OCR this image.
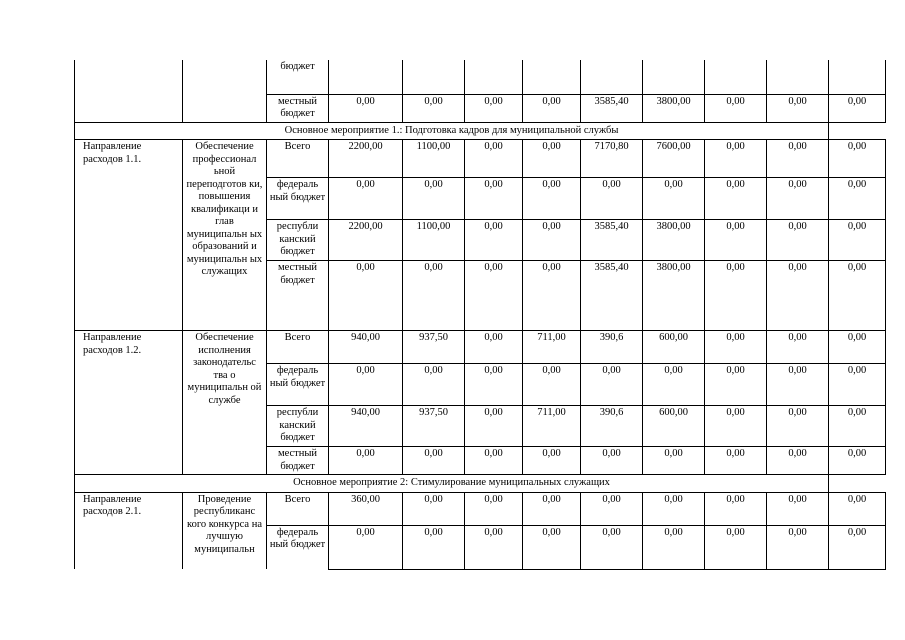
		бюджет									
		местный бюджет	0,00	0,00	0,00	0,00	3585,40	3800,00	0,00	0,00	0,00
Основное мероприятие 1.: Подготовка кадров для муниципальной службы											
Направление расходов 1.1.	Обеспечение профессионал ьной переподготов ки, повышения квалификаци и глав муниципальн ых образований и муниципальн ых служащих	Всего	2200,00	1100,00	0,00	0,00	7170,80	7600,00	0,00	0,00	0,00
		федераль ный бюджет	0,00	0,00	0,00	0,00	0,00	0,00	0,00	0,00	0,00
		республи канский бюджет	2200,00	1100,00	0,00	0,00	3585,40	3800,00	0,00	0,00	0,00
		местный бюджет	0,00	0,00	0,00	0,00	3585,40	3800,00	0,00	0,00	0,00
Направление расходов 1.2.	Обеспечение исполнения законодательс тва о муниципальн ой службе	Всего	940,00	937,50	0,00	711,00	390,6	600,00	0,00	0,00	0,00
		федераль ный бюджет	0,00	0,00	0,00	0,00	0,00	0,00	0,00	0,00	0,00
		республи канский бюджет	940,00	937,50	0,00	711,00	390,6	600,00	0,00	0,00	0,00
		местный бюджет	0,00	0,00	0,00	0,00	0,00	0,00	0,00	0,00	0,00
Основное мероприятие 2: Стимулирование муниципальных служащих											
Направление расходов 2.1.	Проведение республиканс кого конкурса на лучшую муниципальн	Всего	360,00	0,00	0,00	0,00	0,00	0,00	0,00	0,00	0,00
		федераль ный бюджет	0,00	0,00	0,00	0,00	0,00	0,00	0,00	0,00	0,00
